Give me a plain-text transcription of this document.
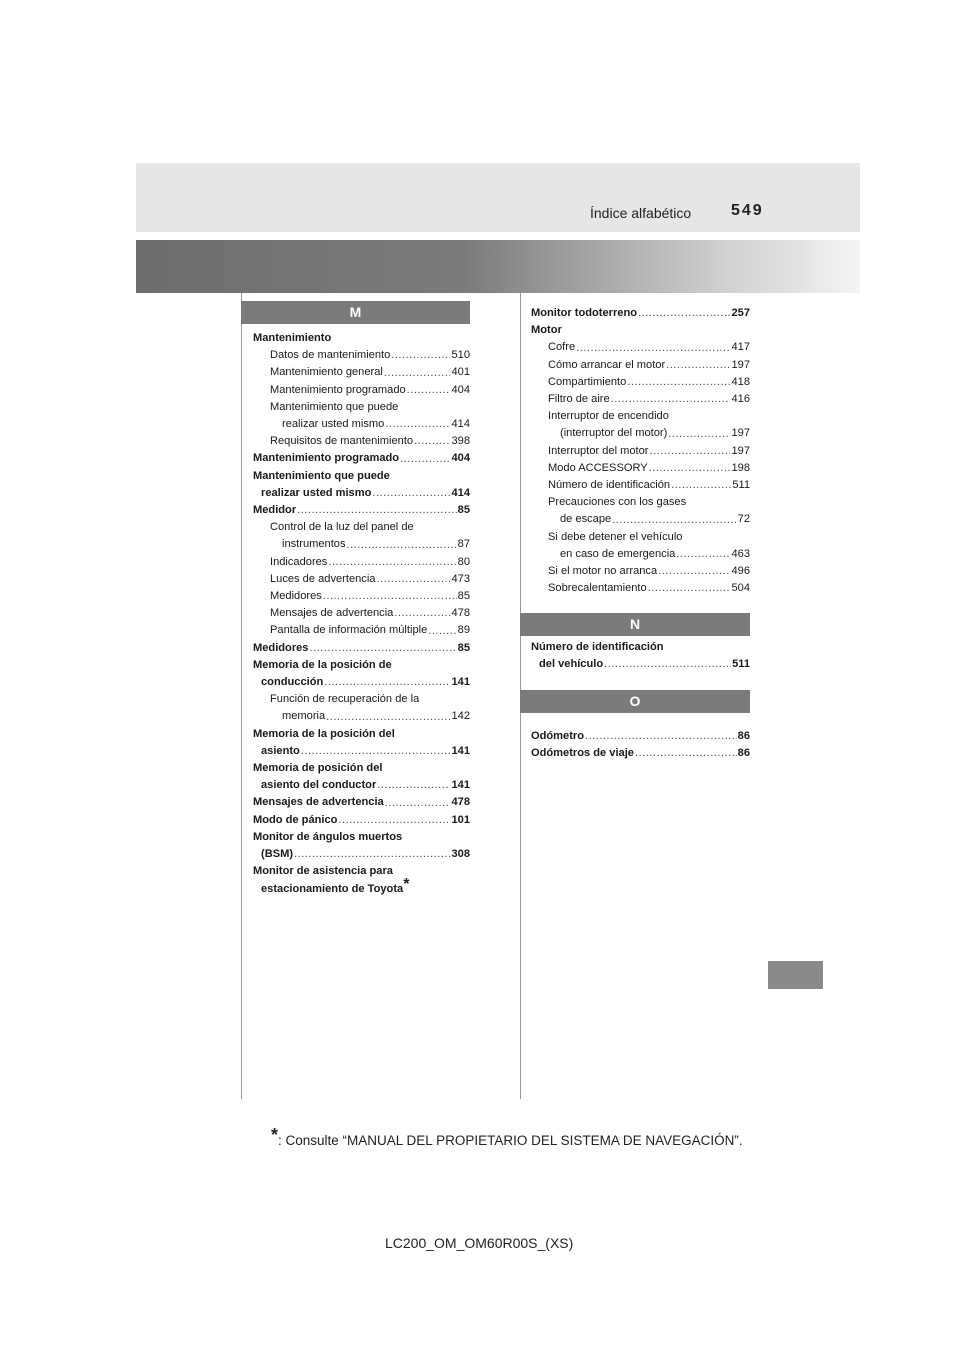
Índice alfabético 549
M
N
O
Mantenimiento
Datos de mantenimiento .....	510
Mantenimiento general .....	401
Mantenimiento programado .....	404
Mantenimiento que puede
realizar usted mismo .....	414
Requisitos de mantenimiento .....	398
Mantenimiento programado .....	404
Mantenimiento que puede
realizar usted mismo .....	414
Medidor .....	85
Control de la luz del panel de
instrumentos .....	87
Indicadores .....	80
Luces de advertencia .....	473
Medidores .....	85
Mensajes de advertencia .....	478
Pantalla de información múltiple .....	89
Medidores .....	85
Memoria de la posición de
conducción .....	141
Función de recuperación de la
memoria .....	142
Memoria de la posición del
asiento .....	141
Memoria de posición del
asiento del conductor .....	141
Mensajes de advertencia .....	478
Modo de pánico .....	101
Monitor de ángulos muertos
(BSM) .....	308
Monitor de asistencia para
estacionamiento de Toyota*
Monitor todoterreno .....	257
Motor
Cofre .....	417
Cómo arrancar el motor .....	197
Compartimiento .....	418
Filtro de aire .....	416
Interruptor de encendido
(interruptor del motor) .....	197
Interruptor del motor .....	197
Modo ACCESSORY .....	198
Número de identificación .....	511
Precauciones con los gases
de escape .....	72
Si debe detener el vehículo
en caso de emergencia .....	463
Si el motor no arranca .....	496
Sobrecalentamiento .....	504
Número de identificación
del vehículo .....	511
Odómetro .....	86
Odómetros de viaje .....	86
*: Consulte “MANUAL DEL PROPIETARIO DEL SISTEMA DE NAVEGACIÓN”.
LC200_OM_OM60R00S_(XS)
